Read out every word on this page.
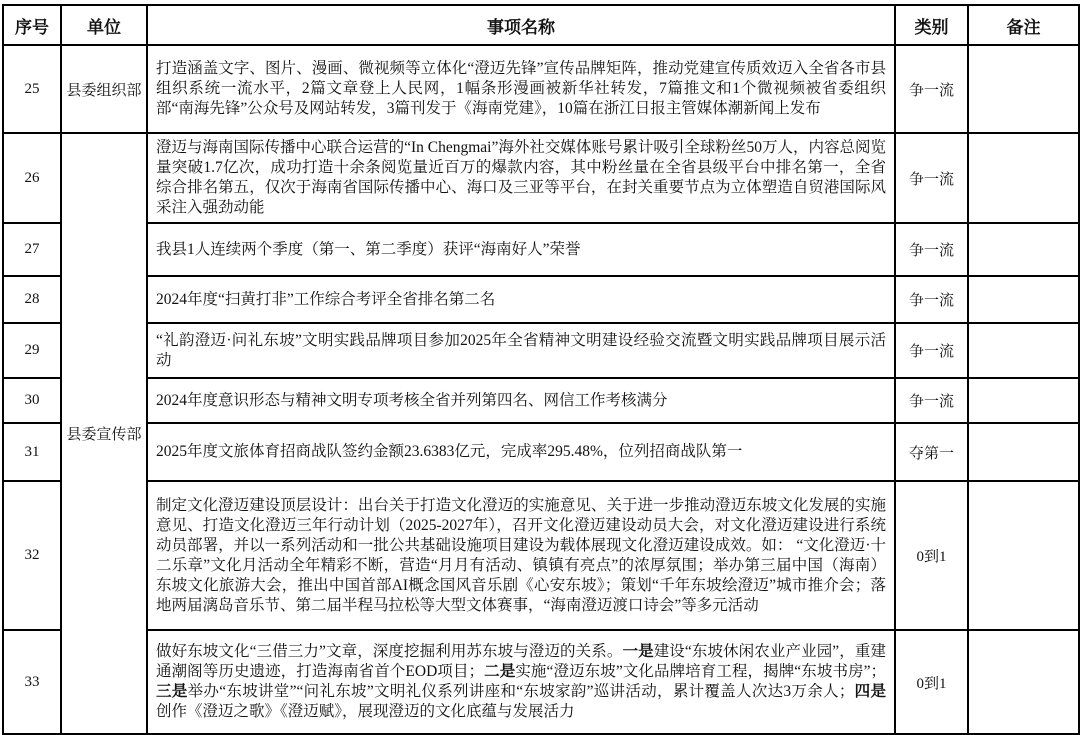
序号	单位	事项名称	类别	备注
25	县委组织部	打造涵盖文字、图片、漫画、微视频等立体化“澄迈先锋”宣传品牌矩阵，推动党建宣传质效迈入全省各市县组织系统一流水平，2篇文章登上人民网，1幅条形漫画被新华社转发，7篇推文和1个微视频被省委组织部“南海先锋”公众号及网站转发，3篇刊发于《海南党建》，10篇在浙江日报主管媒体潮新闻上发布	争一流	
26	县委宣传部	澄迈与海南国际传播中心联合运营的“In Chengmai”海外社交媒体账号累计吸引全球粉丝50万人，内容总阅览量突破1.7亿次，成功打造十余条阅览量近百万的爆款内容，其中粉丝量在全省县级平台中排名第一，全省综合排名第五，仅次于海南省国际传播中心、海口及三亚等平台，在封关重要节点为立体塑造自贸港国际风采注入强劲动能	争一流	
27		我县1人连续两个季度（第一、第二季度）获评“海南好人”荣誉	争一流	
28		2024年度“扫黄打非”工作综合考评全省排名第二名	争一流	
29		“礼韵澄迈·问礼东坡”文明实践品牌项目参加2025年全省精神文明建设经验交流暨文明实践品牌项目展示活动	争一流	
30		2024年度意识形态与精神文明专项考核全省并列第四名、网信工作考核满分	争一流	
31		2025年度文旅体育招商战队签约金额23.6383亿元，完成率295.48%，位列招商战队第一	夺第一	
32		制定文化澄迈建设顶层设计：出台关于打造文化澄迈的实施意见、关于进一步推动澄迈东坡文化发展的实施意见、打造文化澄迈三年行动计划（2025-2027年），召开文化澄迈建设动员大会，对文化澄迈建设进行系统动员部署，并以一系列活动和一批公共基础设施项目建设为载体展现文化澄迈建设成效。如： “文化澄迈·十二乐章”文化月活动全年精彩不断，营造“月月有活动、镇镇有亮点”的浓厚氛围；举办第三届中国（海南）东坡文化旅游大会，推出中国首部AI概念国风音乐剧《心安东坡》；策划“千年东坡绘澄迈”城市推介会；落地两届漓岛音乐节、第二届半程马拉松等大型文体赛事，“海南澄迈渡口诗会”等多元活动	0到1	
33		做好东坡文化“三借三力”文章，深度挖掘利用苏东坡与澄迈的关系。一是建设“东坡休闲农业产业园”，重建通潮阁等历史遗迹，打造海南省首个EOD项目；二是实施“澄迈东坡”文化品牌培育工程，揭牌“东坡书房”；三是举办“东坡讲堂”“问礼东坡”文明礼仪系列讲座和“东坡家韵”巡讲活动，累计覆盖人次达3万余人；四是创作《澄迈之歌》《澄迈赋》，展现澄迈的文化底蕴与发展活力	0到1	
